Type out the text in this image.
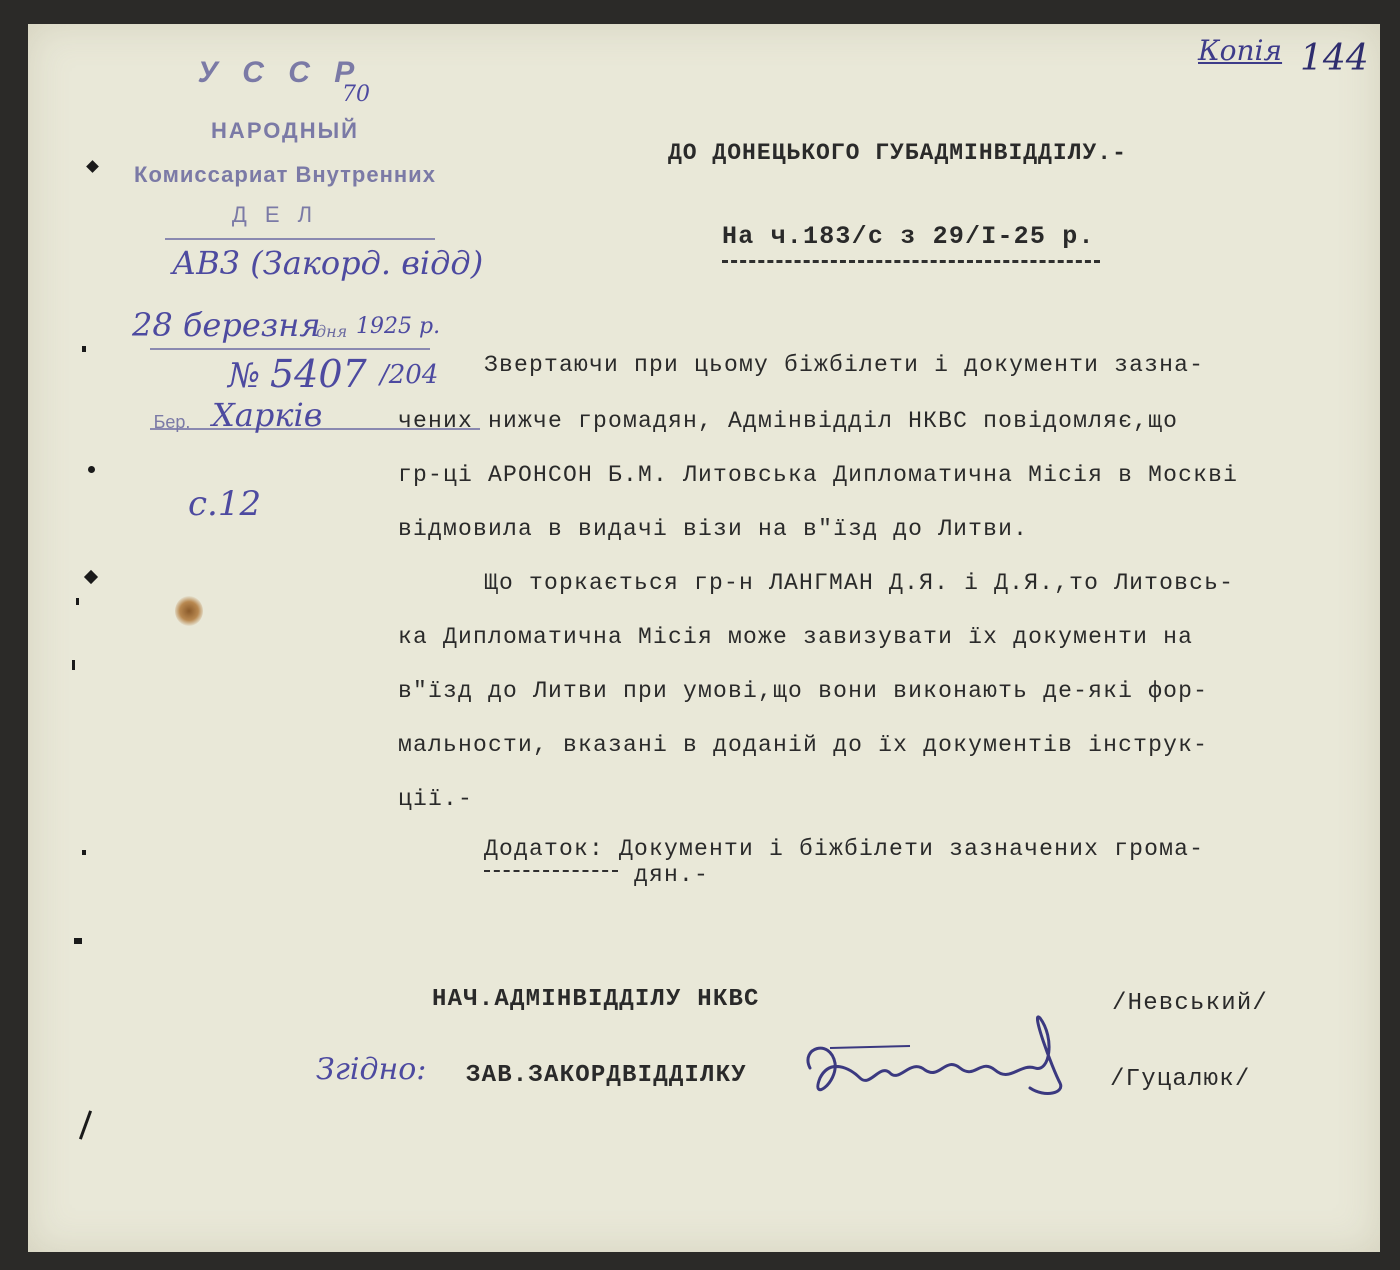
У С С Р
НАРОДНЫЙ
Комиссариат Внутренних
Д Е Л
Бер.
Копія 144
70
АВ3 (Закорд. відд)
28 березня
дня 1925 р.
№ 5407 /204
Харків
с.12
Згідно:
ДО ДОНЕЦЬКОГО ГУБАДМІНВІДДІЛУ.-
На ч.183/с з 29/I-25 р.
Звертаючи при цьому біжбілети і документи зазна-
чених нижче громадян, Адмінвідділ НКВС повідомляє,що
гр-ці АРОНСОН Б.М. Литовська Дипломатична Місія в Москві
відмовила в видачі візи на в"їзд до Литви.
Що торкається гр-н ЛАНГМАН Д.Я. і Д.Я.,то Литовсь-
ка Дипломатична Місія може завизувати їх документи на
в"їзд до Литви при умові,що вони виконають де-які фор-
мальности, вказані в доданій до їх документів інструк-
ції.-
Додаток: Документи і біжбілети зазначених грома-
дян.-
НАЧ.АДМІНВІДДІЛУ НКВС	/Невський/
ЗАВ.ЗАКОРДВІДДІЛКУ	/Гуцалюк/
